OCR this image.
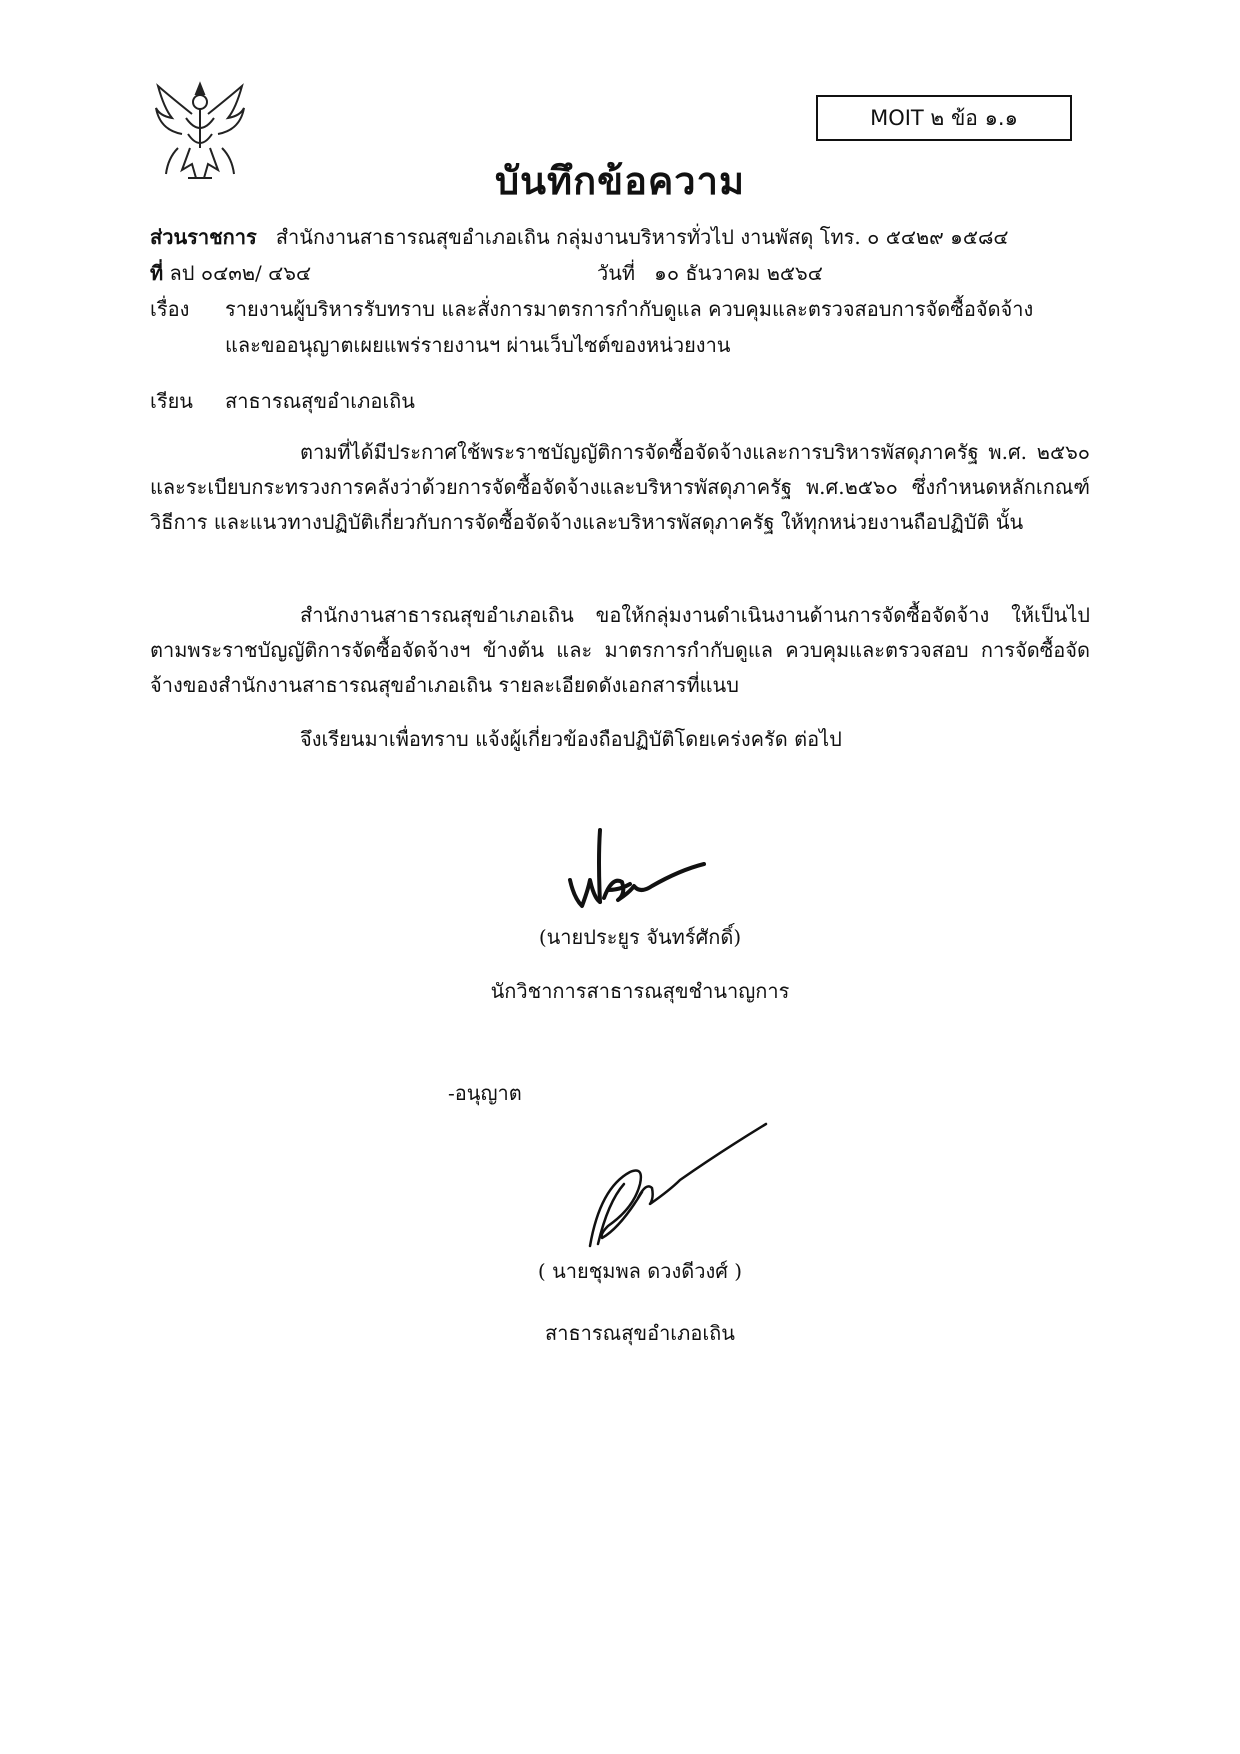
MOIT ๒ ข้อ ๑.๑
บันทึกข้อความ
ส่วนราชการ สำนักงานสาธารณสุขอำเภอเถิน กลุ่มงานบริหารทั่วไป งานพัสดุ โทร. ๐ ๕๔๒๙ ๑๕๘๔
ที่ ลป ๐๔๓๒/ ๔๖๔	วันที่ ๑๐ ธันวาคม ๒๕๖๔
เรื่อง รายงานผู้บริหารรับทราบ และสั่งการมาตรการกำกับดูแล ควบคุมและตรวจสอบการจัดซื้อจัดจ้าง
และขออนุญาตเผยแพร่รายงานฯ ผ่านเว็บไซต์ของหน่วยงาน
เรียน สาธารณสุขอำเภอเถิน
ตามที่ได้มีประกาศใช้พระราชบัญญัติการจัดซื้อจัดจ้างและการบริหารพัสดุภาครัฐ พ.ศ. ๒๕๖๐ และระเบียบกระทรวงการคลังว่าด้วยการจัดซื้อจัดจ้างและบริหารพัสดุภาครัฐ พ.ศ.๒๕๖๐ ซึ่งกำหนดหลักเกณฑ์ วิธีการ และแนวทางปฏิบัติเกี่ยวกับการจัดซื้อจัดจ้างและบริหารพัสดุภาครัฐ ให้ทุกหน่วยงานถือปฏิบัติ นั้น
สำนักงานสาธารณสุขอำเภอเถิน ขอให้กลุ่มงานดำเนินงานด้านการจัดซื้อจัดจ้าง ให้เป็นไปตามพระราชบัญญัติการจัดซื้อจัดจ้างฯ ข้างต้น และ มาตรการกำกับดูแล ควบคุมและตรวจสอบ การจัดซื้อจัดจ้างของสำนักงานสาธารณสุขอำเภอเถิน รายละเอียดดังเอกสารที่แนบ
จึงเรียนมาเพื่อทราบ แจ้งผู้เกี่ยวข้องถือปฏิบัติโดยเคร่งครัด ต่อไป
(นายประยูร จันทร์ศักดิ์)
นักวิชาการสาธารณสุขชำนาญการ
-อนุญาต
( นายชุมพล ดวงดีวงศ์ )
สาธารณสุขอำเภอเถิน
